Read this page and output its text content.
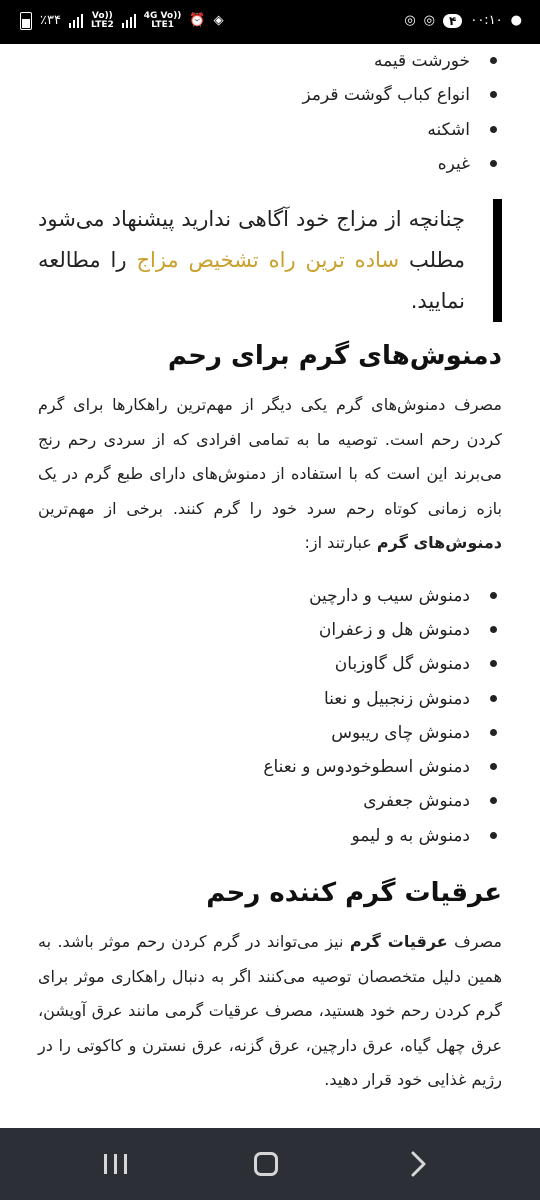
٪۳۴	Vo))
LTE2
4G Vo))
LTE1	⏰ ◈	◎ ◎	۴	۰۰:۱۰ ●
خورشت قیمه
انواع کباب گوشت قرمز
اشکنه
غیره
چنانچه از مزاج خود آگاهی ندارید پیشنهاد می‌شود مطلب ساده ترین راه تشخیص مزاج را مطالعه نمایید.
دمنوش‌های گرم برای رحم

مصرف دمنوش‌های گرم یکی دیگر از مهم‌ترین راهکارها برای گرم کردن رحم است. توصیه ما به تمامی افرادی که از سردی رحم رنج می‌برند این است که با استفاده از دمنوش‌های دارای طبع گرم در یک بازه زمانی کوتاه رحم سرد خود را گرم کنند. برخی از مهم‌ترین دمنوش‌های گرم عبارتند از:

دمنوش سیب و دارچین
دمنوش هل و زعفران
دمنوش گل گاوزبان
دمنوش زنجبیل و نعنا
دمنوش چای ریبوس
دمنوش اسطوخودوس و نعناع
دمنوش جعفری
دمنوش به و لیمو
عرقیات گرم کننده رحم

مصرف عرقیات گرم نیز می‌تواند در گرم کردن رحم موثر باشد. به همین دلیل متخصصان توصیه می‌کنند اگر به دنبال راهکاری موثر برای گرم کردن رحم خود هستید، مصرف عرقیات گرمی مانند عرق آویشن، عرق چهل گیاه، عرق دارچین، عرق گزنه، عرق نسترن و کاکوتی را در رژیم غذایی خود قرار دهید.
